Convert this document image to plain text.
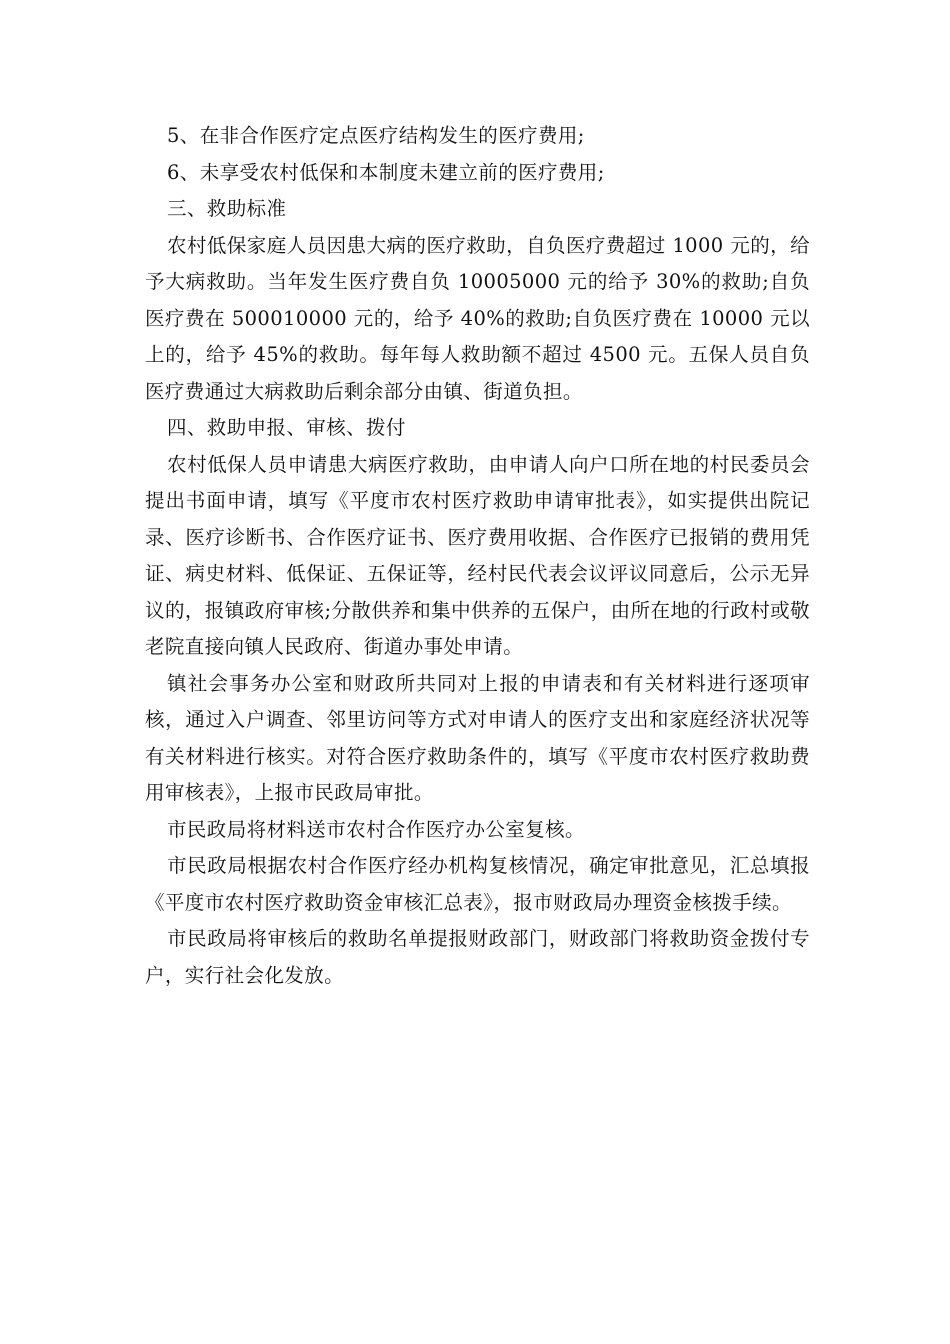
5、在非合作医疗定点医疗结构发生的医疗费用;

6、未享受农村低保和本制度未建立前的医疗费用;

三、救助标准

农村低保家庭人员因患大病的医疗救助，自负医疗费超过 1000 元的，给予大病救助。当年发生医疗费自负 10005000 元的给予 30%的救助;自负医疗费在 500010000 元的，给予 40%的救助;自负医疗费在 10000 元以上的，给予 45%的救助。每年每人救助额不超过 4500 元。五保人员自负医疗费通过大病救助后剩余部分由镇、街道负担。

四、救助申报、审核、拨付

农村低保人员申请患大病医疗救助，由申请人向户口所在地的村民委员会提出书面申请，填写《平度市农村医疗救助申请审批表》，如实提供出院记录、医疗诊断书、合作医疗证书、医疗费用收据、合作医疗已报销的费用凭证、病史材料、低保证、五保证等，经村民代表会议评议同意后，公示无异议的，报镇政府审核;分散供养和集中供养的五保户，由所在地的行政村或敬老院直接向镇人民政府、街道办事处申请。

镇社会事务办公室和财政所共同对上报的申请表和有关材料进行逐项审核，通过入户调查、邻里访问等方式对申请人的医疗支出和家庭经济状况等有关材料进行核实。对符合医疗救助条件的，填写《平度市农村医疗救助费用审核表》，上报市民政局审批。

市民政局将材料送市农村合作医疗办公室复核。

市民政局根据农村合作医疗经办机构复核情况，确定审批意见，汇总填报《平度市农村医疗救助资金审核汇总表》，报市财政局办理资金核拨手续。

市民政局将审核后的救助名单提报财政部门，财政部门将救助资金拨付专户，实行社会化发放。
